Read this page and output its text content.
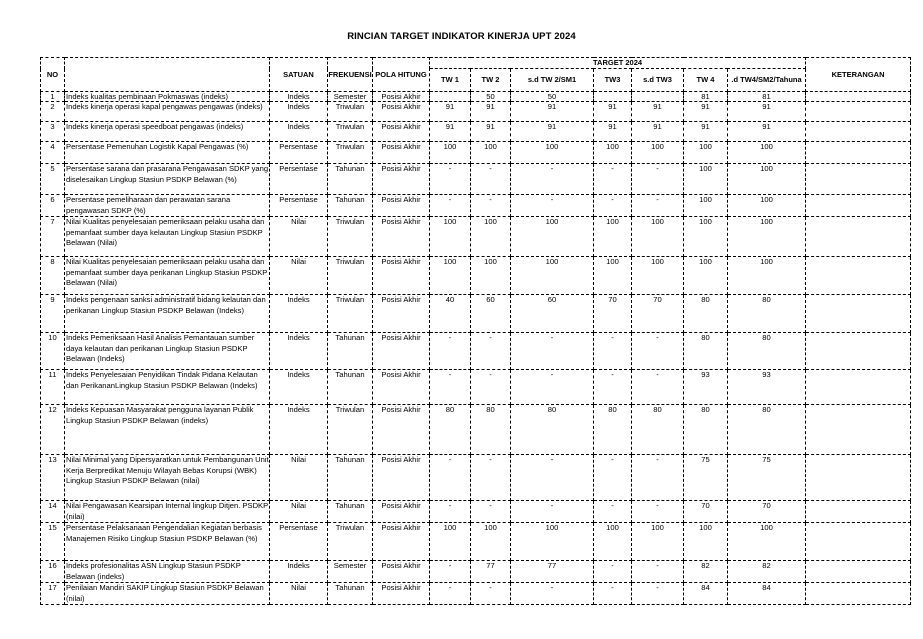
RINCIAN TARGET INDIKATOR KINERJA UPT 2024
NO		SATUAN	FREKUENSI	POLA HITUNG	TARGET 2024							KETERANGAN
					TW 1	TW 2	s.d TW 2/SM1	TW3	s.d TW3	TW 4	.d TW4/SM2/Tahuna	
1	Indeks kualitas pembinaan Pokmaswas (indeks)	Indeks	Semester	Posisi Akhir		50	50			81	81	
2	Indeks kinerja operasi kapal pengawas pengawas (indeks)	Indeks	Triwulan	Posisi Akhir	91	91	91	91	91	91	91	
3	Indeks kinerja operasi speedboat pengawas (indeks)	Indeks	Triwulan	Posisi Akhir	91	91	91	91	91	91	91	
4	Persentase Pemenuhan Logistik Kapal Pengawas (%)	Persentase	Triwulan	Posisi Akhir	100	100	100	100	100	100	100	
5	Persentase sarana dan prasarana Pengawasan SDKP yang diselesaikan Lingkup Stasiun PSDKP Belawan (%)	Persentase	Tahunan	Posisi Akhir	-	-	-	-	-	100	100	
6	Persentase pemeliharaan dan perawatan sarana pengawasan SDKP (%)	Persentase	Tahunan	Posisi Akhir	-	-	-	-	-	100	100	
7	Nilai Kualitas penyelesaian pemeriksaan pelaku usaha dan pemanfaat sumber daya kelautan Lingkup Stasiun PSDKP Belawan (Nilai)	Nilai	Triwulan	Posisi Akhir	100	100	100	100	100	100	100	
8	Nilai Kualitas penyelesaian pemeriksaan pelaku usaha dan pemanfaat sumber daya perikanan Lingkup Stasiun PSDKP Belawan (Nilai)	Nilai	Triwulan	Posisi Akhir	100	100	100	100	100	100	100	
9	Indeks pengenaan sanksi administratif bidang kelautan dan perikanan Lingkup Stasiun PSDKP Belawan (Indeks)	Indeks	Triwulan	Posisi Akhir	40	60	60	70	70	80	80	
10	Indeks Pemeriksaan Hasil Analisis Pemantauan sumber daya kelautan dan perikanan Lingkup Stasiun PSDKP Belawan (Indeks)	Indeks	Tahunan	Posisi Akhir	-	-	-	-	-	80	80	
11	Indeks Penyelesaian Penyidikan Tindak Pidana Kelautan dan PerikananLingkup Stasiun PSDKP Belawan (Indeks)	Indeks	Tahunan	Posisi Akhir	-	-	-	-	-	93	93	
12	Indeks Kepuasan Masyarakat pengguna layanan Publik Lingkup Stasiun PSDKP Belawan (indeks)	Indeks	Triwulan	Posisi Akhir	80	80	80	80	80	80	80	
13	Nilai Minimal yang Dipersyaratkan untuk Pembangunan Unit Kerja Berpredikat Menuju Wilayah Bebas Korupsi (WBK) Lingkup Stasiun PSDKP Belawan (nilai)	Nilai	Tahunan	Posisi Akhir	-	-	-	-	-	75	75	
14	Nilai Pengawasan Kearsipan Internal lingkup Ditjen. PSDKP (nilai)	Nilai	Tahunan	Posisi Akhir	-	-	-	-	-	70	70	
15	Persentase Pelaksanaan Pengendalian Kegiatan berbasis Manajemen Risiko Lingkup Stasiun PSDKP Belawan (%)	Persentase	Triwulan	Posisi Akhir	100	100	100	100	100	100	100	
16	Indeks profesionalitas ASN Lingkup Stasiun PSDKP Belawan (indeks)	Indeks	Semester	Posisi Akhir	-	77	77	-	-	82	82	
17	Penilaian Mandiri SAKIP Lingkup Stasiun PSDKP Belawan (nilai)	Nilai	Tahunan	Posisi Akhir	-	-	-	-	-	84	84	
